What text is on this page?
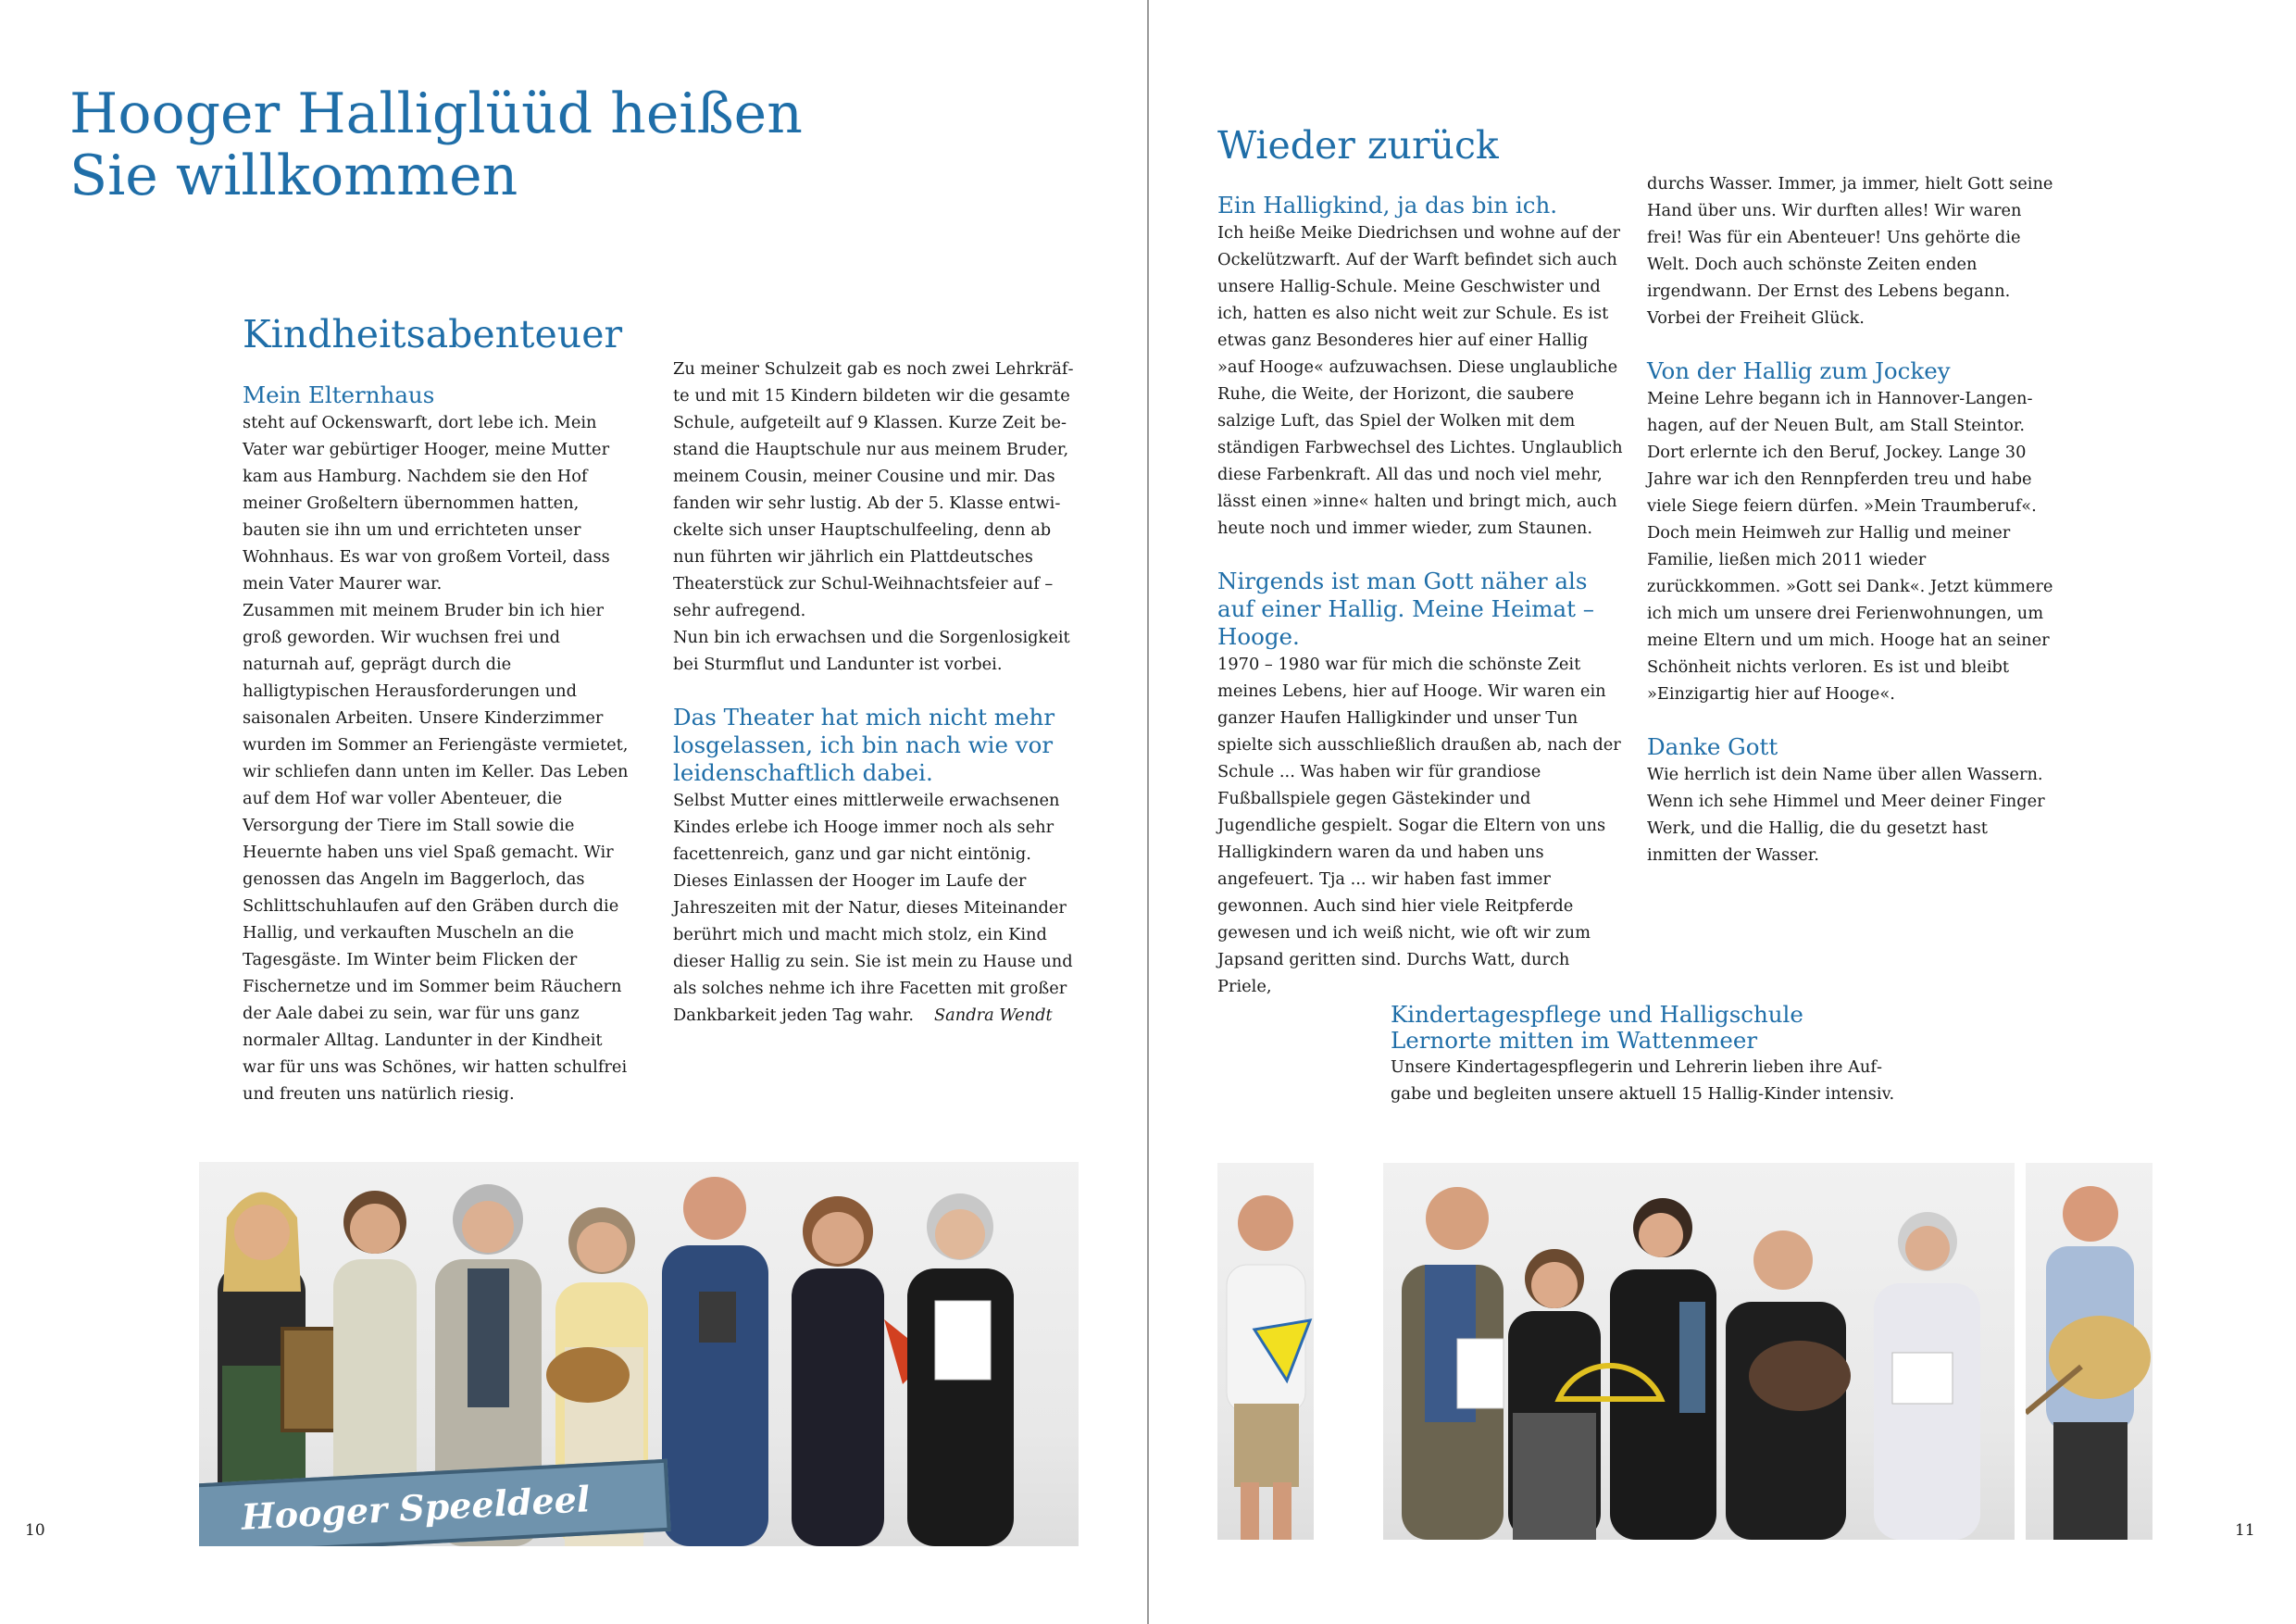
Hooger Halliglüüd heißen
Sie willkommen
Kindheitsabenteuer
Mein Elternhaus

steht auf Ockenswarft, dort lebe ich. Mein Vater war gebürtiger Hooger, meine Mutter kam aus Hamburg. Nachdem sie den Hof meiner Großeltern übernommen hatten, bauten sie ihn um und errichteten unser Wohnhaus. Es war von großem Vorteil, dass mein Vater Maurer war.

Zusammen mit meinem Bruder bin ich hier groß geworden. Wir wuchsen frei und naturnah auf, geprägt durch die halligtypischen Herausforderungen und saisonalen Arbeiten. Unsere Kinderzimmer wurden im Sommer an Feriengäste vermietet, wir schliefen dann unten im Keller. Das Leben auf dem Hof war voller Abenteuer, die Versorgung der Tiere im Stall sowie die Heuernte haben uns viel Spaß gemacht. Wir genossen das Angeln im Baggerloch, das Schlittschuhlaufen auf den Gräben durch die Hallig, und verkauften Muscheln an die Tagesgäste. Im Winter beim Flicken der Fischernetze und im Sommer beim Räuchern der Aale dabei zu sein, war für uns ganz normaler Alltag. Landunter in der Kindheit war für uns was Schönes, wir hatten schulfrei und freuten uns natürlich riesig.

Zu meiner Schulzeit gab es noch zwei Lehrkräfte und mit 15 Kindern bildeten wir die gesamte Schule, aufgeteilt auf 9 Klassen. Kurze Zeit bestand die Hauptschule nur aus meinem Bruder, meinem Cousin, meiner Cousine und mir. Das fanden wir sehr lustig. Ab der 5. Klasse entwickelte sich unser Hauptschulfeeling, denn ab nun führten wir jährlich ein Plattdeutsches Theaterstück zur Schul-Weihnachtsfeier auf – sehr aufregend.

Nun bin ich erwachsen und die Sorgenlosigkeit bei Sturmflut und Landunter ist vorbei.

Das Theater hat mich nicht mehr losgelassen, ich bin nach wie vor leidenschaftlich dabei.

Selbst Mutter eines mittlerweile erwachsenen Kindes erlebe ich Hooge immer noch als sehr facettenreich, ganz und gar nicht eintönig. Dieses Einlassen der Hooger im Laufe der Jahreszeiten mit der Natur, dieses Miteinander berührt mich und macht mich stolz, ein Kind dieser Hallig zu sein. Sie ist mein zu Hause und als solches nehme ich ihre Facetten mit großer Dankbarkeit jeden Tag wahr. Sandra Wendt

Hooger Speeldeel
10
Wieder zurück
Ein Halligkind, ja das bin ich.

Ich heiße Meike Diedrichsen und wohne auf der Ockelützwarft. Auf der Warft befindet sich auch unsere Hallig-Schule. Meine Geschwister und ich, hatten es also nicht weit zur Schule. Es ist etwas ganz Besonderes hier auf einer Hallig »auf Hooge« aufzuwachsen. Diese unglaubliche Ruhe, die Weite, der Horizont, die saubere salzige Luft, das Spiel der Wolken mit dem ständigen Farbwechsel des Lichtes. Unglaublich diese Farbenkraft. All das und noch viel mehr, lässt einen »inne« halten und bringt mich, auch heute noch und immer wieder, zum Staunen.

Nirgends ist man Gott näher als auf einer Hallig. Meine Heimat – Hooge.

1970 – 1980 war für mich die schönste Zeit meines Lebens, hier auf Hooge. Wir waren ein ganzer Haufen Halligkinder und unser Tun spielte sich ausschließlich draußen ab, nach der Schule ... Was haben wir für grandiose Fußballspiele gegen Gästekinder und Jugendliche gespielt. Sogar die Eltern von uns Halligkindern waren da und haben uns angefeuert. Tja ... wir haben fast immer gewonnen. Auch sind hier viele Reitpferde gewesen und ich weiß nicht, wie oft wir zum Japsand geritten sind. Durchs Watt, durch Priele,

durchs Wasser. Immer, ja immer, hielt Gott seine Hand über uns. Wir durften alles! Wir waren frei! Was für ein Abenteuer! Uns gehörte die Welt. Doch auch schönste Zeiten enden irgendwann. Der Ernst des Lebens begann. Vorbei der Freiheit Glück.

Von der Hallig zum Jockey

Meine Lehre begann ich in Hannover-Langenhagen, auf der Neuen Bult, am Stall Steintor. Dort erlernte ich den Beruf, Jockey. Lange 30 Jahre war ich den Rennpferden treu und habe viele Siege feiern dürfen. »Mein Traumberuf«. Doch mein Heimweh zur Hallig und meiner Familie, ließen mich 2011 wieder zurückkommen. »Gott sei Dank«. Jetzt kümmere ich mich um unsere drei Ferienwohnungen, um meine Eltern und um mich. Hooge hat an seiner Schönheit nichts verloren. Es ist und bleibt »Einzigartig hier auf Hooge«.

Danke Gott

Wie herrlich ist dein Name über allen Wassern. Wenn ich sehe Himmel und Meer deiner Finger Werk, und die Hallig, die du gesetzt hast inmitten der Wasser.

Kindertagespflege und Halligschule
Lernorte mitten im Wattenmeer

Unsere Kindertagespflegerin und Lehrerin lieben ihre Aufgabe und begleiten unsere aktuell 15 Hallig-Kinder intensiv.

11
